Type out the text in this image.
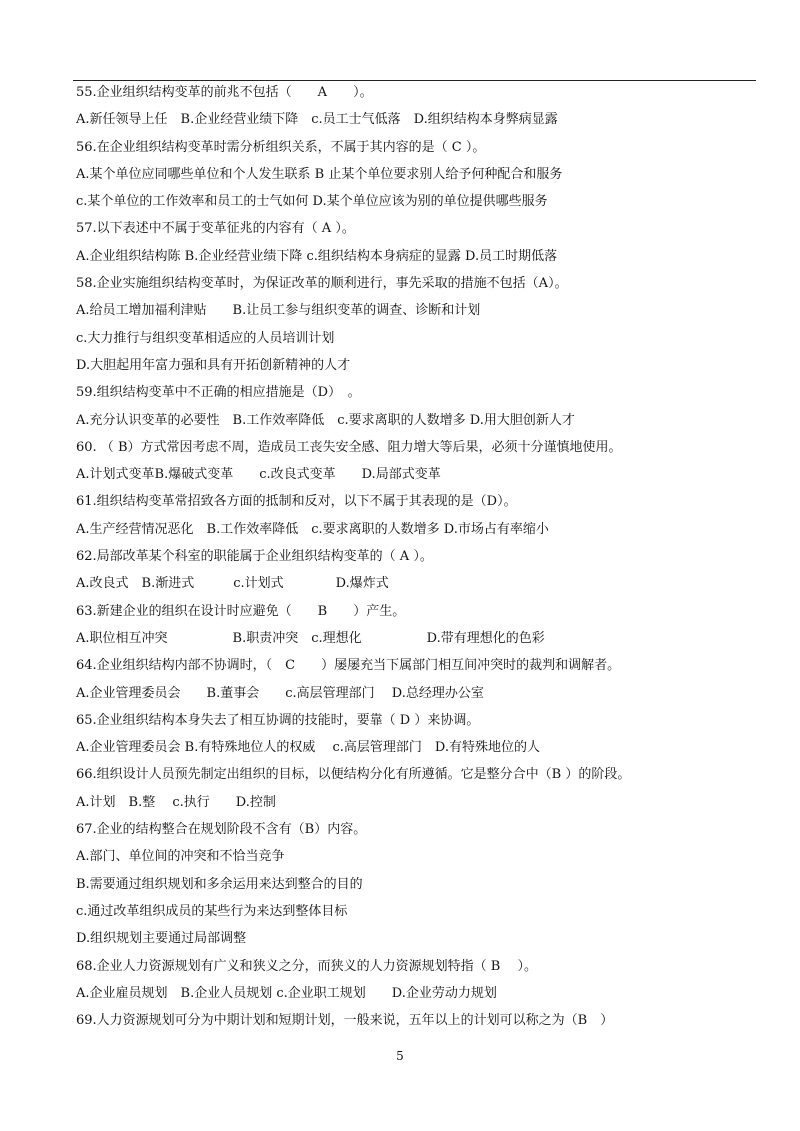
55.企业组织结构变革的前兆不包括（　　A　　）。
A.新任领导上任　B.企业经营业绩下降　c.员工士气低落　D.组织结构本身弊病显露
56.在企业组织结构变革时需分析组织关系，不属于其内容的是（ C ）。
A.某个单位应同哪些单位和个人发生联系 B 止某个单位要求别人给予何种配合和服务
c.某个单位的工作效率和员工的士气如何 D.某个单位应该为别的单位提供哪些服务
57.以下表述中不属于变革征兆的内容有（ A ）。
A.企业组织结构陈 B.企业经营业绩下降 c.组织结构本身病症的显露 D.员工时期低落
58.企业实施组织结构变革时，为保证改革的顺利进行，事先采取的措施不包括（A）。
A.给员工增加福利津贴　　B.让员工参与组织变革的调查、诊断和计划
c.大力推行与组织变革相适应的人员培训计划
D.大胆起用年富力强和具有开拓创新精神的人才
59.组织结构变革中不正确的相应措施是（D）　。
A.充分认识变革的必要性　B.工作效率降低　c.要求离职的人数增多 D.用大胆创新人才
60. （ B）方式常因考虑不周，造成员工丧失安全感、阻力增大等后果，必须十分谨慎地使用。
A.计划式变革B.爆破式变革　　c.改良式变革　　D.局部式变革
61.组织结构变革常招致各方面的抵制和反对，以下不属于其表现的是（D）。
A.生产经营情况恶化　B.工作效率降低　c.要求离职的人数增多 D.市场占有率缩小
62.局部改革某个科室的职能属于企业组织结构变革的（ A ）。
A.改良式　B.渐进式　　　c.计划式　　　　D.爆炸式
63.新建企业的组织在设计时应避免（　　B　　）产生。
A.职位相互冲突　　　　　B.职责冲突　c.理想化　　　　　D.带有理想化的色彩
64.企业组织结构内部不协调时，（　C　　）屡屡充当下属部门相互间冲突时的裁判和调解者。
A.企业管理委员会　　B.董事会　　c.高层管理部门　 D.总经理办公室
65.企业组织结构本身失去了相互协调的技能时，要靠（ D ）来协调。
A.企业管理委员会 B.有特殊地位人的权威　 c.高层管理部门　D.有特殊地位的人
66.组织设计人员预先制定出组织的目标，以便结构分化有所遵循。它是整分合中（B ）的阶段。
A.计划　B.整　 c.执行　　D.控制
67.企业的结构整合在规划阶段不含有（B）内容。
A.部门、单位间的冲突和不恰当竞争
B.需要通过组织规划和多余运用来达到整合的目的
c.通过改革组织成员的某些行为来达到整体目标
D.组织规划主要通过局部调整
68.企业人力资源规划有广义和狭义之分，而狭义的人力资源规划特指（ B　 ）。
A.企业雇员规划　B.企业人员规划 c.企业职工规划　　D.企业劳动力规划
69.人力资源规划可分为中期计划和短期计划，一般来说，五年以上的计划可以称之为（B　）
5
